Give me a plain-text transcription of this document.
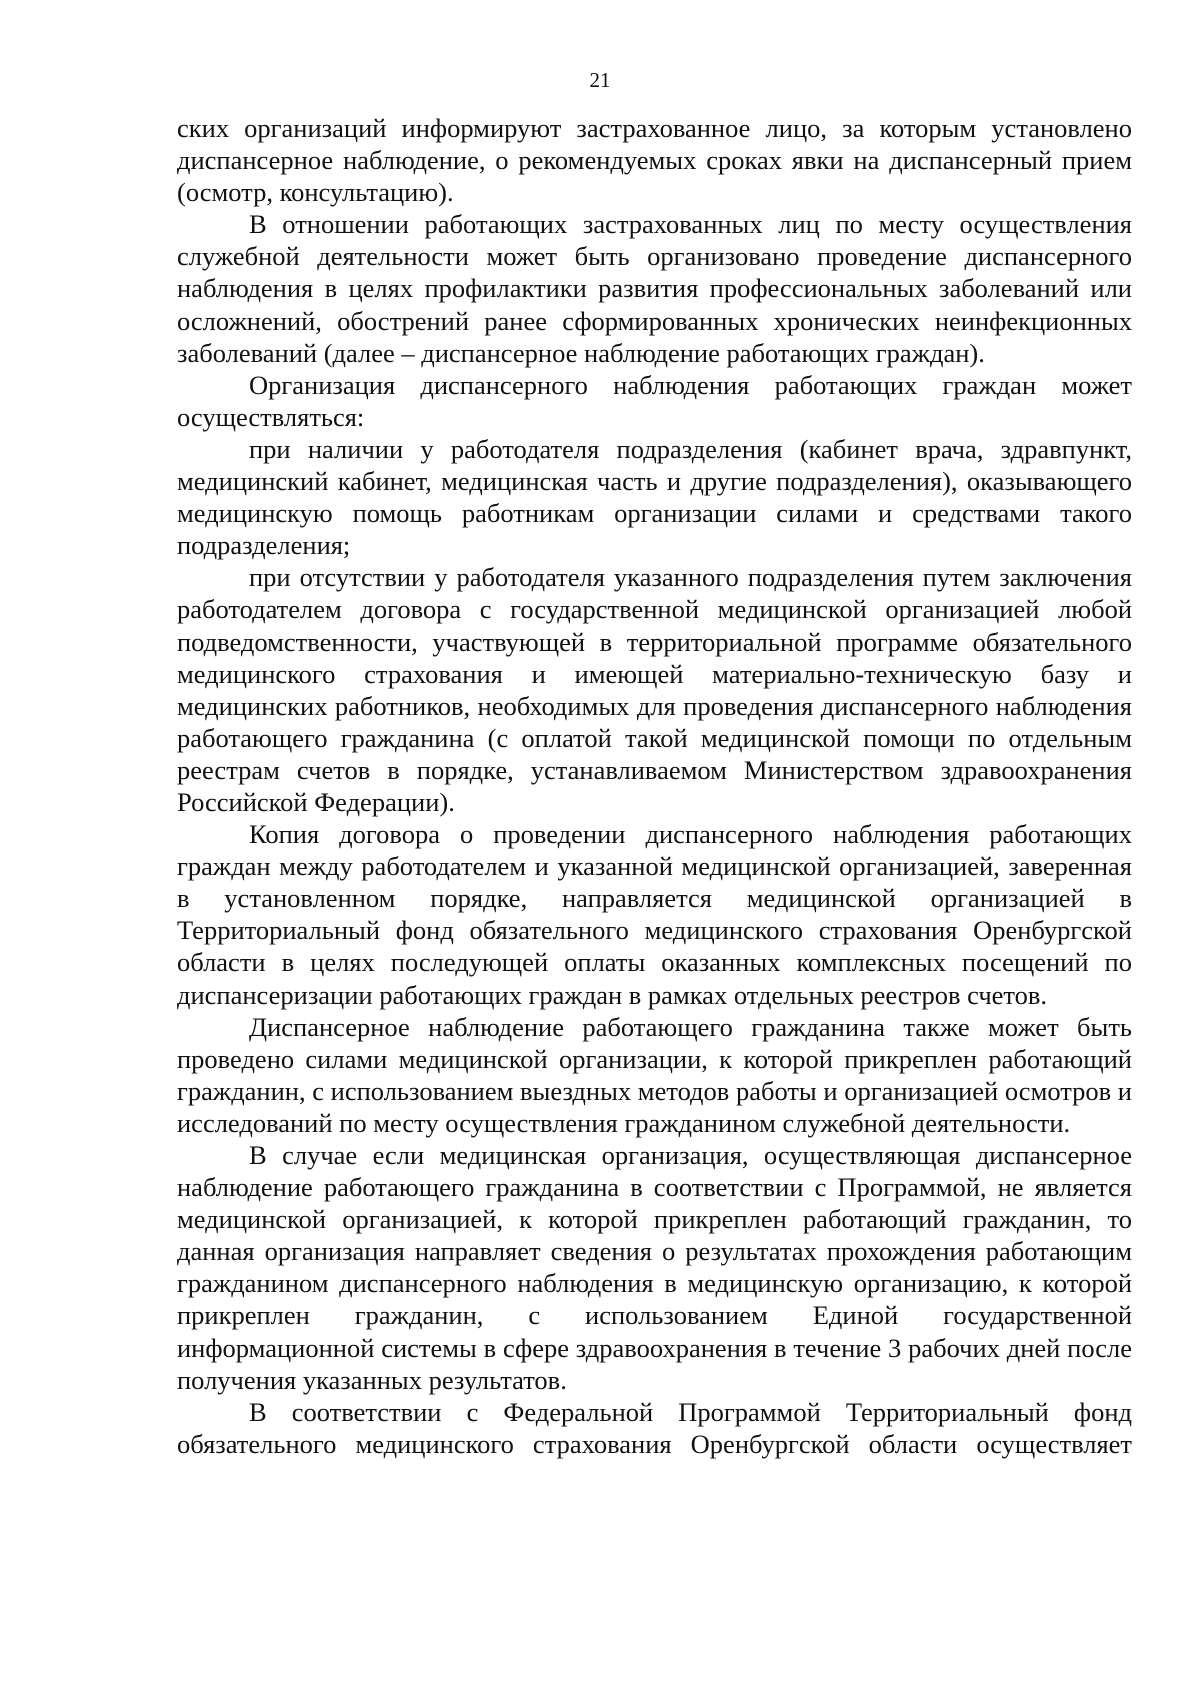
21

ских организаций информируют застрахованное лицо, за которым установлено диспансерное наблюдение, о рекомендуемых сроках явки на диспансерный прием (осмотр, консультацию).

В отношении работающих застрахованных лиц по месту осуществления служебной деятельности может быть организовано проведение диспансерного наблюдения в целях профилактики развития профессиональных заболеваний или осложнений, обострений ранее сформированных хронических неинфекционных заболеваний (далее – диспансерное наблюдение работающих граждан).

Организация диспансерного наблюдения работающих граждан может осуществляться:

при наличии у работодателя подразделения (кабинет врача, здравпункт, медицинский кабинет, медицинская часть и другие подразделения), оказывающего медицинскую помощь работникам организации силами и средствами такого подразделения;

при отсутствии у работодателя указанного подразделения путем заключения работодателем договора с государственной медицинской организацией любой подведомственности, участвующей в территориальной программе обязательного медицинского страхования и имеющей материально-техническую базу и медицинских работников, необходимых для проведения диспансерного наблюдения работающего гражданина (с оплатой такой медицинской помощи по отдельным реестрам счетов в порядке, устанавливаемом Министерством здравоохранения Российской Федерации).

Копия договора о проведении диспансерного наблюдения работающих граждан между работодателем и указанной медицинской организацией, заверенная в установленном порядке, направляется медицинской организацией в Территориальный фонд обязательного медицинского страхования Оренбургской области в целях последующей оплаты оказанных комплексных посещений по диспансеризации работающих граждан в рамках отдельных реестров счетов.

Диспансерное наблюдение работающего гражданина также может быть проведено силами медицинской организации, к которой прикреплен работающий гражданин, с использованием выездных методов работы и организацией осмотров и исследований по месту осуществления гражданином служебной деятельности.

В случае если медицинская организация, осуществляющая диспансерное наблюдение работающего гражданина в соответствии с Программой, не является медицинской организацией, к которой прикреплен работающий гражданин, то данная организация направляет сведения о результатах прохождения работающим гражданином диспансерного наблюдения в медицинскую организацию, к которой прикреплен гражданин, с использованием Единой государственной информационной системы в сфере здравоохранения в течение 3 рабочих дней после получения указанных результатов.

В соответствии с Федеральной Программой Территориальный фонд обязательного медицинского страхования Оренбургской области осуществляет
